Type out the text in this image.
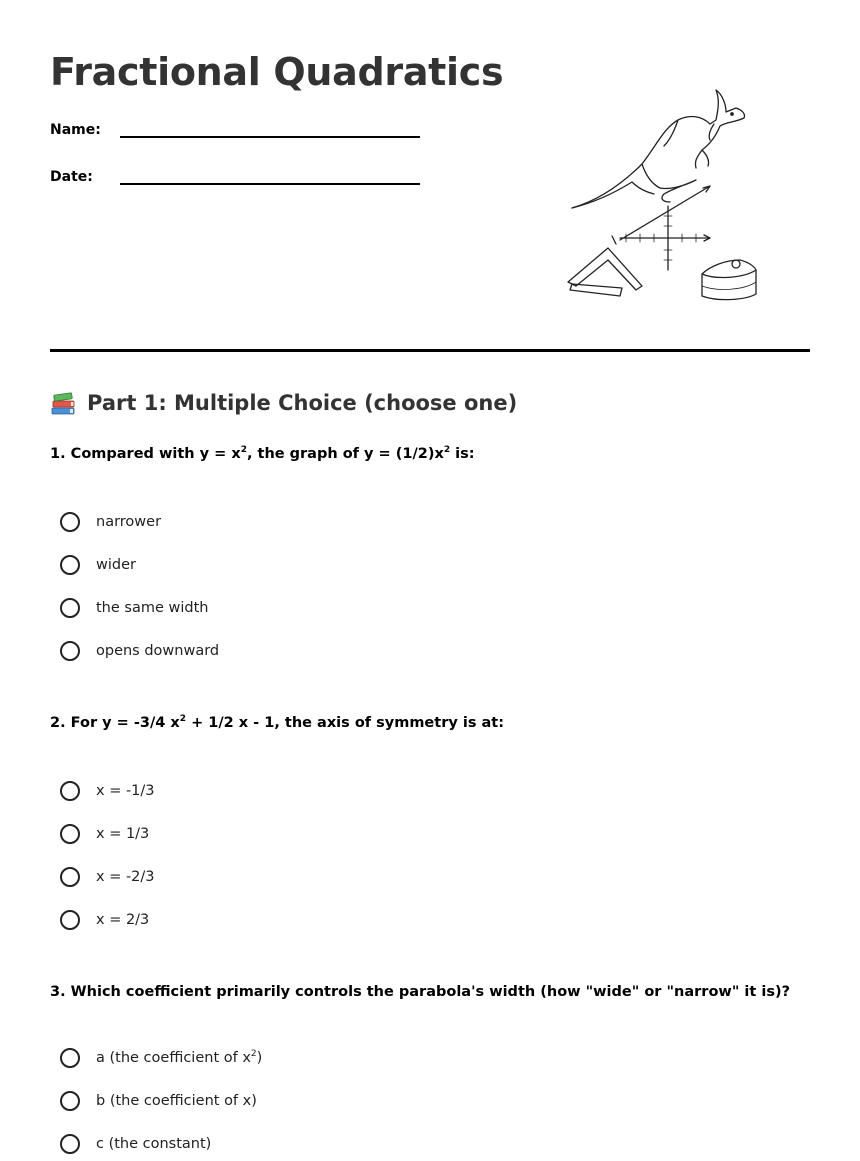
Fractional Quadratics
Name:
Date:
Part 1: Multiple Choice (choose one)
1. Compared with $y = x^2$, the graph of $y = (1/2)x^2$ is:
narrower
wider
the same width
opens downward
2. For y = -3/4 $x^2 + 1/2$ x - 1, the axis of symmetry is at:
x = -1/3
x = 1/3
x = -2/3
x = 2/3
3. Which coefficient primarily controls the parabola's width (how "wide" or "narrow" it is)?
a (the coefficient of $x^2$)
b (the coefficient of x)
c (the constant)
